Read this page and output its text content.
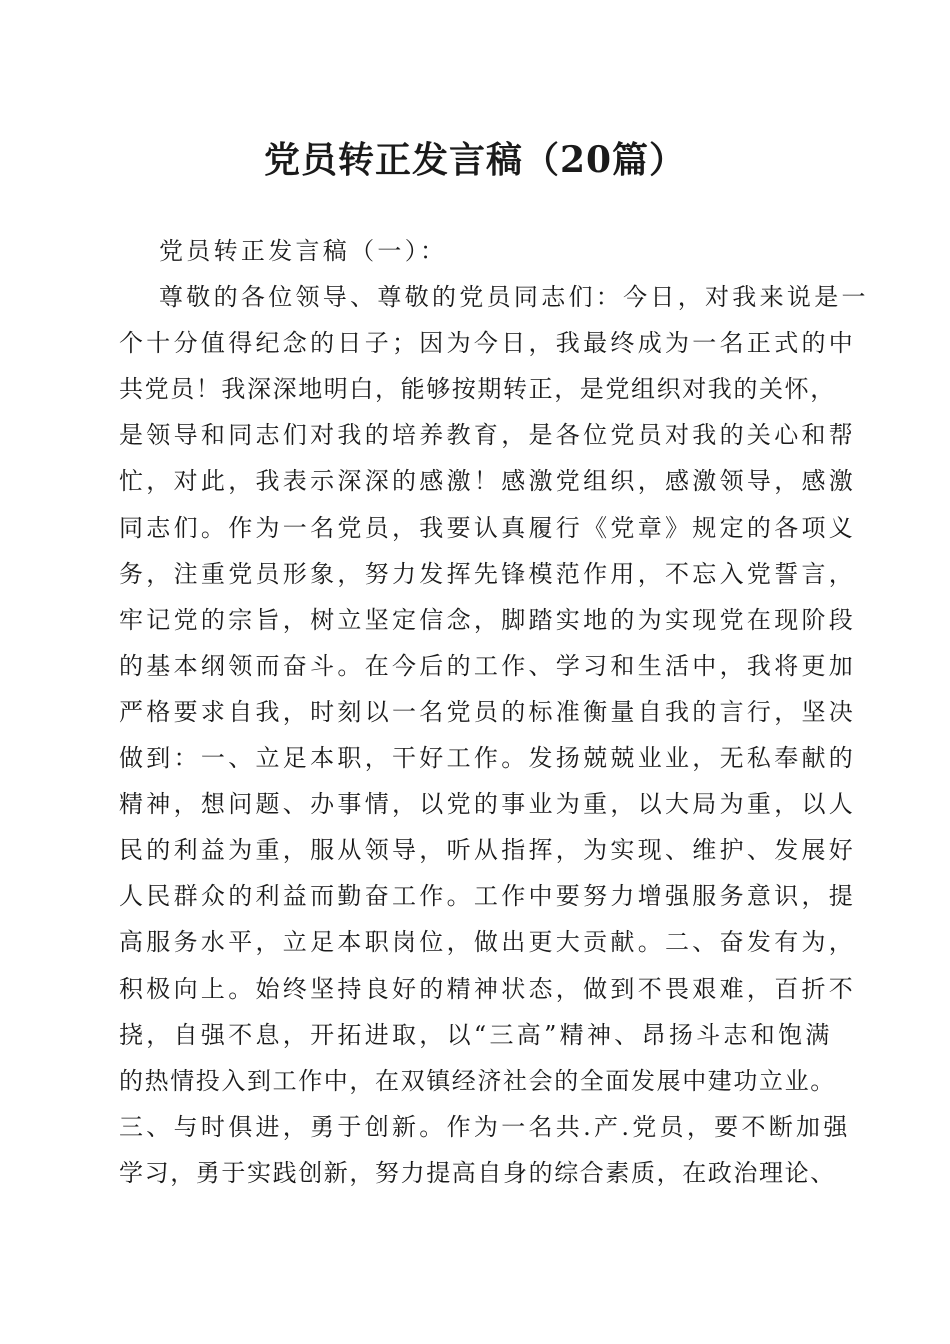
党员转正发言稿（20篇）
党员转正发言稿（一）：
尊敬的各位领导、尊敬的党员同志们：今日，对我来说是一
个十分值得纪念的日子；因为今日，我最终成为一名正式的中
共党员！我深深地明白，能够按期转正，是党组织对我的关怀，
是领导和同志们对我的培养教育，是各位党员对我的关心和帮
忙，对此，我表示深深的感激！感激党组织，感激领导，感激
同志们。作为一名党员，我要认真履行《党章》规定的各项义
务，注重党员形象，努力发挥先锋模范作用，不忘入党誓言，
牢记党的宗旨，树立坚定信念，脚踏实地的为实现党在现阶段
的基本纲领而奋斗。在今后的工作、学习和生活中，我将更加
严格要求自我，时刻以一名党员的标准衡量自我的言行，坚决
做到：一、立足本职，干好工作。发扬兢兢业业，无私奉献的
精神，想问题、办事情，以党的事业为重，以大局为重，以人
民的利益为重，服从领导，听从指挥，为实现、维护、发展好
人民群众的利益而勤奋工作。工作中要努力增强服务意识，提
高服务水平，立足本职岗位，做出更大贡献。二、奋发有为，
积极向上。始终坚持良好的精神状态，做到不畏艰难，百折不
挠，自强不息，开拓进取，以“三高”精神、昂扬斗志和饱满
的热情投入到工作中，在双镇经济社会的全面发展中建功立业。
三、与时俱进，勇于创新。作为一名共.产.党员，要不断加强
学习，勇于实践创新，努力提高自身的综合素质，在政治理论、
